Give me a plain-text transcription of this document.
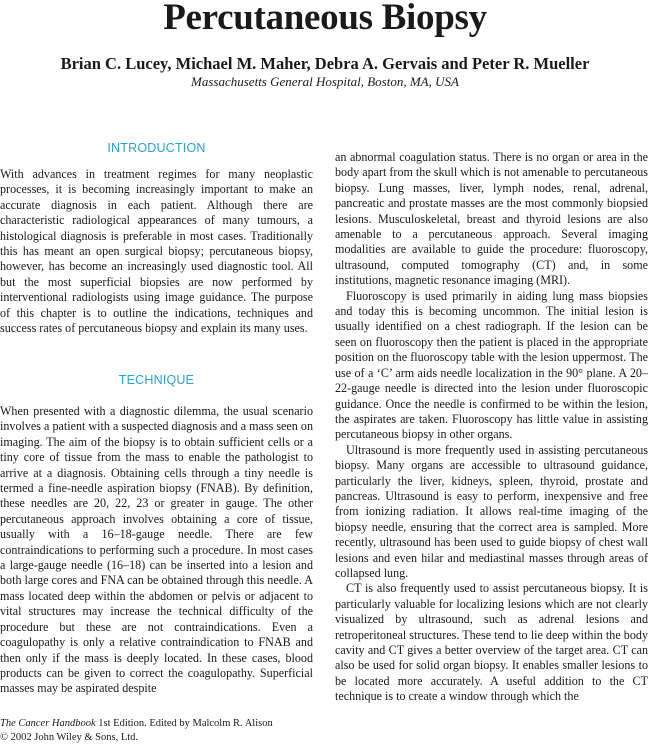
Percutaneous Biopsy
Brian C. Lucey, Michael M. Maher, Debra A. Gervais and Peter R. Mueller
Massachusetts General Hospital, Boston, MA, USA
INTRODUCTION

With advances in treatment regimes for many neoplastic processes, it is becoming increasingly important to make an accurate diagnosis in each patient. Although there are characteristic radiological appearances of many tumours, a histological diagnosis is preferable in most cases. Traditionally this has meant an open surgical biopsy; percutaneous biopsy, however, has become an increasingly used diagnostic tool. All but the most superficial biopsies are now performed by interventional radiologists using image guidance. The purpose of this chapter is to outline the indications, techniques and success rates of percutaneous biopsy and explain its many uses.

TECHNIQUE

When presented with a diagnostic dilemma, the usual scenario involves a patient with a suspected diagnosis and a mass seen on imaging. The aim of the biopsy is to obtain sufficient cells or a tiny core of tissue from the mass to enable the pathologist to arrive at a diagnosis. Obtaining cells through a tiny needle is termed a fine-needle aspiration biopsy (FNAB). By definition, these needles are 20, 22, 23 or greater in gauge. The other percutaneous approach involves obtaining a core of tissue, usually with a 16–18-gauge needle. There are few contraindications to performing such a procedure. In most cases a large-gauge needle (16–18) can be inserted into a lesion and both large cores and FNA can be obtained through this needle. A mass located deep within the abdomen or pelvis or adjacent to vital structures may increase the technical difficulty of the procedure but these are not contraindications. Even a coagulopathy is only a relative contraindication to FNAB and then only if the mass is deeply located. In these cases, blood products can be given to correct the coagulopathy. Superficial masses may be aspirated despite

an abnormal coagulation status. There is no organ or area in the body apart from the skull which is not amenable to percutaneous biopsy. Lung masses, liver, lymph nodes, renal, adrenal, pancreatic and prostate masses are the most commonly biopsied lesions. Musculoskeletal, breast and thyroid lesions are also amenable to a percutaneous approach. Several imaging modalities are available to guide the procedure: fluoroscopy, ultrasound, computed tomography (CT) and, in some institutions, magnetic resonance imaging (MRI).

Fluoroscopy is used primarily in aiding lung mass biopsies and today this is becoming uncommon. The initial lesion is usually identified on a chest radiograph. If the lesion can be seen on fluoroscopy then the patient is placed in the appropriate position on the fluoroscopy table with the lesion uppermost. The use of a ‘C’ arm aids needle localization in the 90° plane. A 20–22-gauge needle is directed into the lesion under fluoroscopic guidance. Once the needle is confirmed to be within the lesion, the aspirates are taken. Fluoroscopy has little value in assisting percutaneous biopsy in other organs.

Ultrasound is more frequently used in assisting percutaneous biopsy. Many organs are accessible to ultrasound guidance, particularly the liver, kidneys, spleen, thyroid, prostate and pancreas. Ultrasound is easy to perform, inexpensive and free from ionizing radiation. It allows real-time imaging of the biopsy needle, ensuring that the correct area is sampled. More recently, ultrasound has been used to guide biopsy of chest wall lesions and even hilar and mediastinal masses through areas of collapsed lung.

CT is also frequently used to assist percutaneous biopsy. It is particularly valuable for localizing lesions which are not clearly visualized by ultrasound, such as adrenal lesions and retroperitoneal structures. These tend to lie deep within the body cavity and CT gives a better overview of the target area. CT can also be used for solid organ biopsy. It enables smaller lesions to be located more accurately. A useful addition to the CT technique is to create a window through which the

The Cancer Handbook 1st Edition. Edited by Malcolm R. Alison
© 2002 John Wiley & Sons, Ltd.
